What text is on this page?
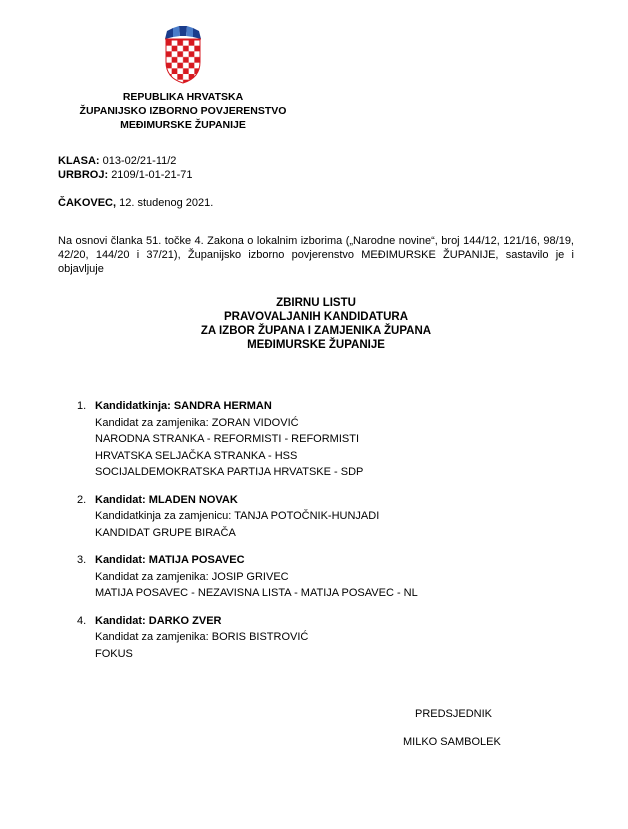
REPUBLIKA HRVATSKA
ŽUPANIJSKO IZBORNO POVJERENSTVO
MEĐIMURSKE ŽUPANIJE
KLASA: 013-02/21-11/2
URBROJ: 2109/1-01-21-71
ČAKOVEC, 12. studenog 2021.
Na osnovi članka 51. točke 4. Zakona o lokalnim izborima („Narodne novine“, broj 144/12, 121/16, 98/19, 42/20, 144/20 i 37/21), Županijsko izborno povjerenstvo MEĐIMURSKE ŽUPANIJE, sastavilo je i objavljuje
ZBIRNU LISTU
PRAVOVALJANIH KANDIDATURA
ZA IZBOR ŽUPANA I ZAMJENIKA ŽUPANA
MEĐIMURSKE ŽUPANIJE
1. Kandidatkinja: SANDRA HERMAN
Kandidat za zamjenika: ZORAN VIDOVIĆ
NARODNA STRANKA - REFORMISTI - REFORMISTI
HRVATSKA SELJAČKA STRANKA - HSS
SOCIJALDEMOKRATSKA PARTIJA HRVATSKE - SDP
2. Kandidat: MLADEN NOVAK
Kandidatkinja za zamjenicu: TANJA POTOČNIK-HUNJADI
KANDIDAT GRUPE BIRAČA
3. Kandidat: MATIJA POSAVEC
Kandidat za zamjenika: JOSIP GRIVEC
MATIJA POSAVEC - NEZAVISNA LISTA - MATIJA POSAVEC - NL
4. Kandidat: DARKO ZVER
Kandidat za zamjenika: BORIS BISTROVIĆ
FOKUS
PREDSJEDNIK
MILKO SAMBOLEK
